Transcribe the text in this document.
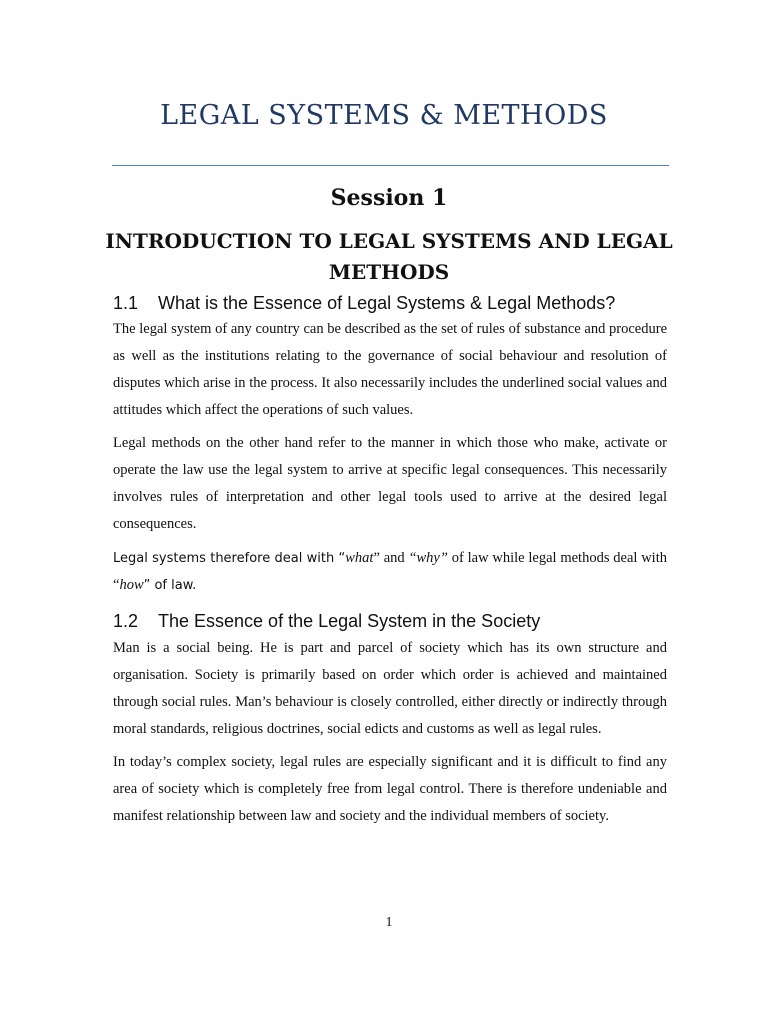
LEGAL SYSTEMS & METHODS
Session 1
INTRODUCTION TO LEGAL SYSTEMS AND LEGAL METHODS
1.1 What is the Essence of Legal Systems & Legal Methods?

The legal system of any country can be described as the set of rules of substance and procedure as well as the institutions relating to the governance of social behaviour and resolution of disputes which arise in the process. It also necessarily includes the underlined social values and attitudes which affect the operations of such values.

Legal methods on the other hand refer to the manner in which those who make, activate or operate the law use the legal system to arrive at specific legal consequences. This necessarily involves rules of interpretation and other legal tools used to arrive at the desired legal consequences.

Legal systems therefore deal with “what” and “why” of law while legal methods deal with “how” of law.

1.2 The Essence of the Legal System in the Society

Man is a social being. He is part and parcel of society which has its own structure and organisation. Society is primarily based on order which order is achieved and maintained through social rules. Man’s behaviour is closely controlled, either directly or indirectly through moral standards, religious doctrines, social edicts and customs as well as legal rules.

In today’s complex society, legal rules are especially significant and it is difficult to find any area of society which is completely free from legal control. There is therefore undeniable and manifest relationship between law and society and the individual members of society.

1
